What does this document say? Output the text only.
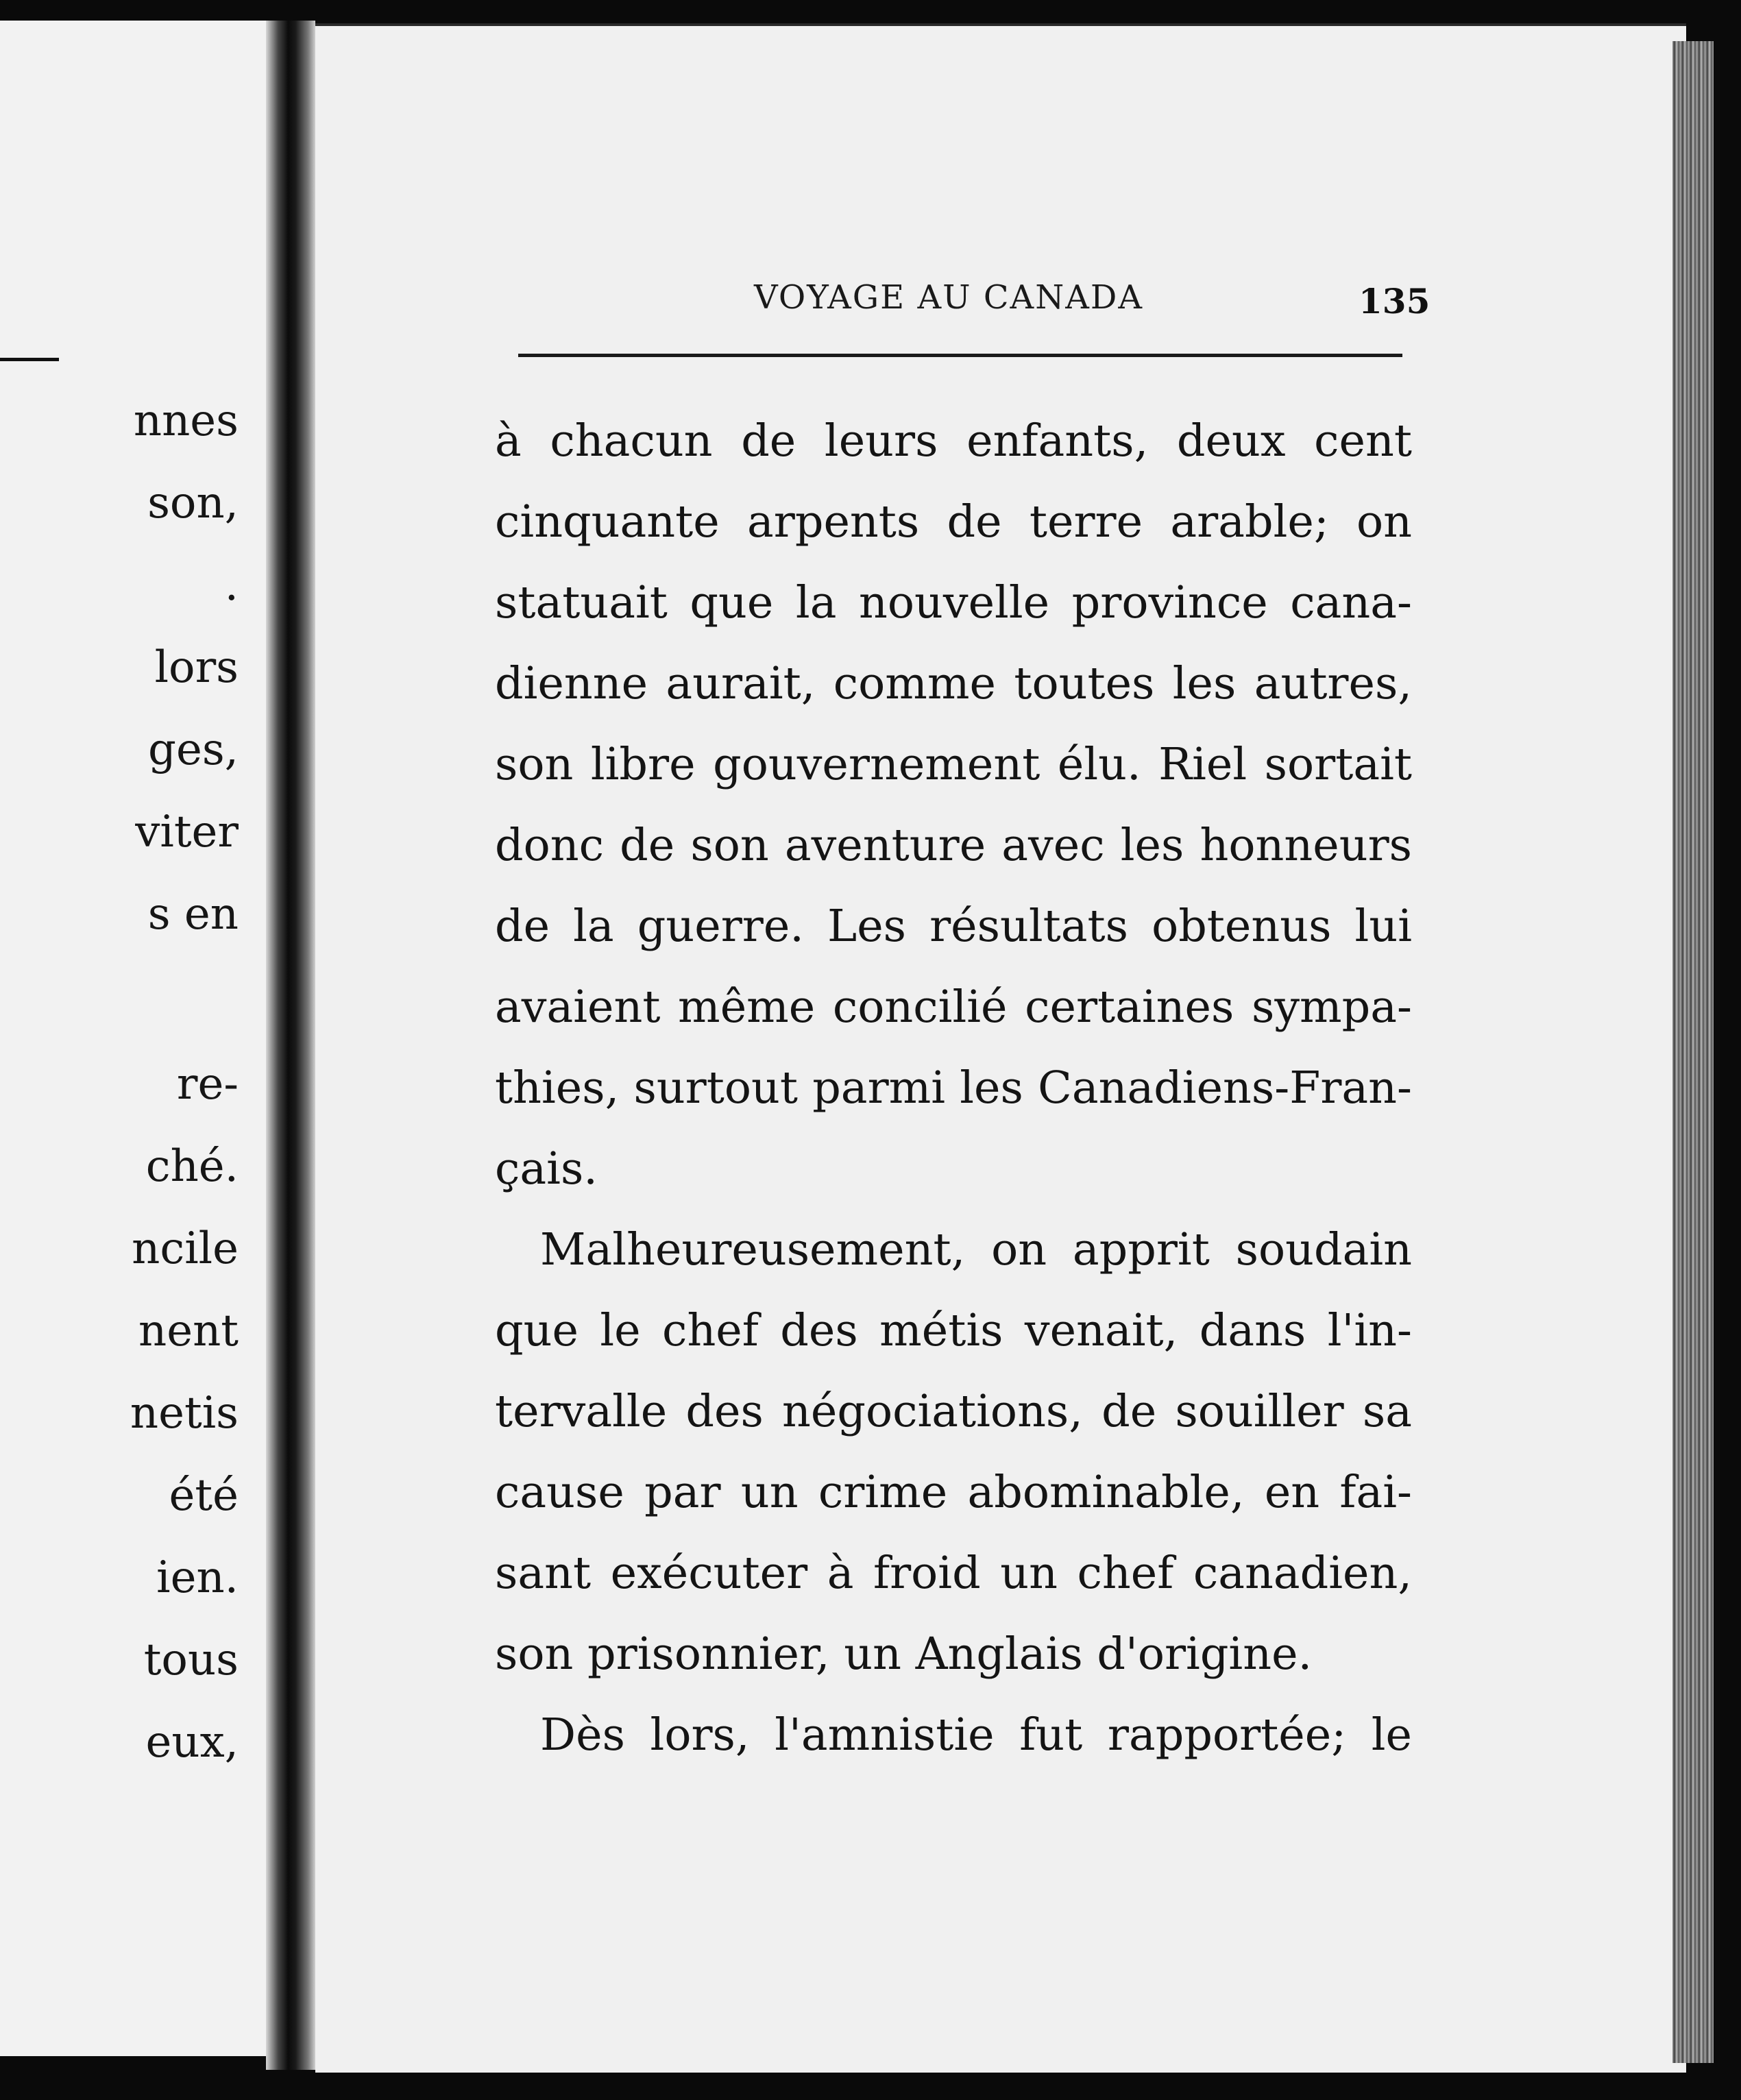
nnes

son,

.

lors

ges,

viter

s en

re-

ché.

ncile

nent

netis

été

ien.

tous

eux,

VOYAGE AU CANADA	135
à chacun de leurs enfants, deux cent
cinquante arpents de terre arable; on
statuait que la nouvelle province cana-
dienne aurait, comme toutes les autres,
son libre gouvernement élu. Riel sortait
donc de son aventure avec les honneurs
de la guerre. Les résultats obtenus lui
avaient même concilié certaines sympa-
thies, surtout parmi les Canadiens-Fran-
çais.
Malheureusement, on apprit soudain
que le chef des métis venait, dans l'in-
tervalle des négociations, de souiller sa
cause par un crime abominable, en fai-
sant exécuter à froid un chef canadien,
son prisonnier, un Anglais d'origine.
Dès lors, l'amnistie fut rapportée; le
